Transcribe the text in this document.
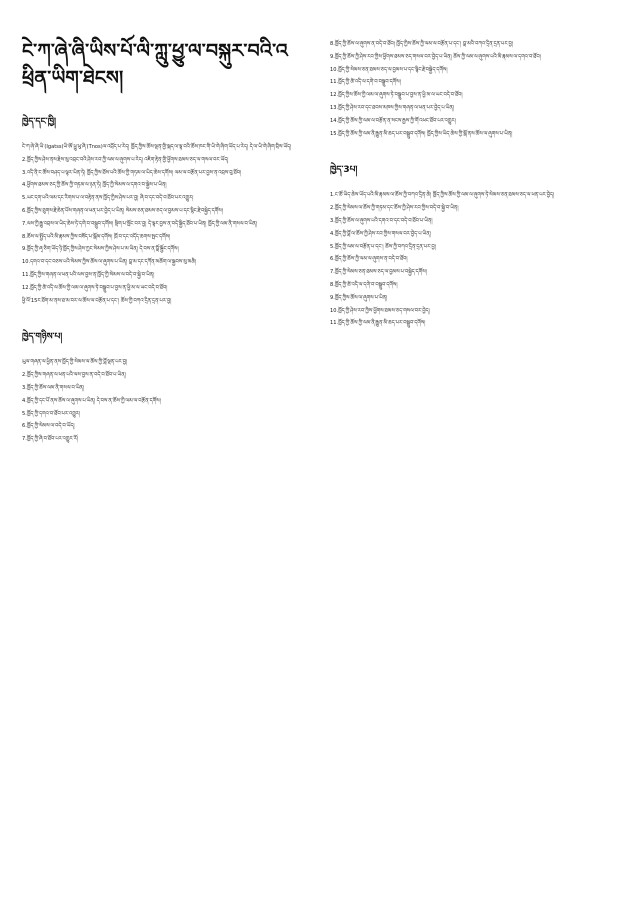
ངེ་ཀ་ཞེ་ཞི་ཡིས་པོ་ལི་ཀླུ་ཕྱུ་ལ་བསྐུར་བའི་འཕྲིན་ཡིག་ཐེངས།
ཁྱེད་དང་ཁྱི།

ངེ་ཀ་ཞེ་ཞི་ཡི་(Igatss)ཡི་ཨོ་ཕྱུ་ཕུ་ཞི་(Tnos)ལ་འབྲོད་པ་རེད། ཁྱོད་ཀྱིས་ཆོས་ལྡན་གྱི་སྐད་ལ་ལྟ་བའི་ཆོས་ཁང་གི་ཡི་གེ་ཞིག་ཡོད་པ་རེད། དེ་ལ་ཡི་གེ་ཞིག་བྲིས་ཡོད།

2.ཁྱོད་ཀྱིས་ཤེས་ནས་རྗེས་སུ་འབྲང་བའི་ཤེས་རབ་ཀྱི་ལམ་ལ་ཞུགས་པ་རེད། འཇིག་རྟེན་གྱི་ཕྱོགས་ཐམས་ཅད་ལ་གསལ་བར་ཡོད།

3.འདི་ནི་ང་ཚོས་བཤད་པ་ལྟར་ཡིན་ཏེ། ཁྱོད་ཀྱིས་ཐོས་པའི་ཆོས་ཀྱི་གཏམ་ལ་ཡིད་ཆེས་དགོས། ལམ་ལ་བརྩོན་པར་བྱས་ན་འབྲས་བུ་ཐོབ།

4.ཕྱོགས་ཐམས་ཅད་ཀྱི་ཆོས་ཀྱི་གཏམ་ལ་ཉན་ཏེ། ཁྱོད་ཀྱི་སེམས་ལ་དགའ་བ་སྐྱེས་པ་ཡིན།

5.ཡང་དག་པའི་ལམ་དང་རིགས་པ་ལ་བརྟེན་ནས་ཁྱོད་ཀྱིས་ཤེས་པར་བྱ། ཞི་བ་དང་བདེ་བ་ཐོབ་པར་འགྱུར།

6.ཁྱོད་ཀྱིས་ཐུགས་རྗེ་ཆེན་པོས་གཞན་ལ་ཕན་པར་བྱེད་པ་ཡིན། སེམས་ཅན་ཐམས་ཅད་ལ་བྱམས་པ་དང་སྙིང་རྗེ་བསྐྱེད་དགོས།

7.ལས་ཀྱི་རྒྱུ་འབྲས་ལ་ཡིད་ཆེས་ཏེ་དགེ་བ་བསྒྲུབ་དགོས། སྡིག་པ་སྤོང་བར་བྱ། དེ་ལྟར་བྱས་ན་བདེ་སྐྱིད་ཐོབ་པ་ཡིན། ཁྱོད་ཀྱི་ལམ་ནི་གསལ་བ་ཡིན།

8.ཆོས་ལ་སྤྱོད་པའི་མི་རྣམས་ཀྱིས་བཟོད་པ་སྒོམ་དགོས། ཁྲོ་བ་དང་འདོད་ཆགས་སྤང་དགོས།

9.ཁྱོད་ཀྱི་ཞྭ་ཅིག་ཡོད་ཉི་ཁྱོད་ཀྱིས་ཤེས་ཀྱང་སེམས་ཀྱིས་ཤེས་པ་མ་ཡིན། དེ་བས་ན་བློ་སྦྱོང་དགོས།

10.དགའ་བ་དང་བཅས་པའི་སེམས་ཀྱིས་ཆོས་ལ་ཞུགས་པ་ཡིན། བླ་མ་དང་དཀོན་མཆོག་ལ་སྐྱབས་སུ་མཆི།

11.ཁྱོད་ཀྱིས་གཞན་ལ་ཕན་པའི་ལས་བྱས་ན་ཁྱོད་ཀྱི་སེམས་ལ་བདེ་བ་སྐྱེ་བ་ཡིན།

12.ཁྱོད་ཀྱི་ཚེ་འདི་ལ་ཆོས་ཀྱི་ལམ་ལ་ཞུགས་ཏེ་བསྒྲུབ་པ་བྱས་ན་ཕྱི་མ་ལ་ཡང་བདེ་བ་ཐོབ།

ཕྱི་ལོ་15ར་ཐོག་མ་ནས་ཐ་མ་བར་ལ་ཆོས་ལ་བརྩོན་པ་དང་། ཆོས་ཀྱི་བཀའ་དྲིན་དྲན་པར་བྱ།

ཁྱེད་གཉིས་པ།

ཡུལ་གཞན་ལ་ཕྱིན་ནས་ཁྱོད་ཀྱི་སེམས་ལ་ཆོས་ཀྱི་བློ་ལྡན་པར་བྱ།

2.ཁྱོད་ཀྱིས་གཞན་ལ་ཕན་པའི་ལས་བྱས་ན་བདེ་བ་ཐོབ་པ་ཡིན།

3.ཁྱོད་ཀྱི་ཆོས་ལམ་ནི་གསལ་བ་ཡིན།

4.ཁྱོད་ཀྱི་དང་པོ་ནས་ཆོས་ལ་ཞུགས་པ་ཡིན། དེ་བས་ན་ཆོས་ཀྱི་ལམ་ལ་བརྩོན་དགོས།

5.ཁྱོད་ཀྱི་དགའ་བ་ཐོབ་པར་འགྱུར།

6.ཁྱོད་ཀྱི་སེམས་ལ་བདེ་བ་ཡོད།

7.ཁྱོད་ཀྱི་ཞི་བ་ཐོབ་པར་འགྱུར་རོ།

8.ཁྱོད་ཀྱི་ཆོས་ལ་ཞུགས་ན་བདེ་བ་ཐོབ། ཁྱོད་ཀྱིས་ཆོས་ཀྱི་ལམ་ལ་བརྩོན་པ་དང་། བླ་མའི་བཀའ་དྲིན་དྲན་པར་བྱ།

9.ཁྱོད་ཀྱི་ཆོས་ཀྱི་ཤེས་རབ་ཀྱིས་ཕྱོགས་ཐམས་ཅད་གསལ་བར་བྱེད་པ་ཡིན། ཆོས་ཀྱི་ལམ་ལ་ཞུགས་པའི་མི་རྣམས་ལ་དགའ་བ་ཐོབ།

10.ཁྱོད་ཀྱི་སེམས་ཅན་ཐམས་ཅད་ལ་བྱམས་པ་དང་སྙིང་རྗེ་བསྐྱེད་དགོས།

11.ཁྱོད་ཀྱི་ཚེ་འདི་ལ་དགེ་བ་བསྒྲུབ་དགོས།

12.ཁྱོད་ཀྱིས་ཆོས་ཀྱི་ལམ་ལ་ཞུགས་ཏེ་བསྒྲུབ་པ་བྱས་ན་ཕྱི་མ་ལ་ཡང་བདེ་བ་ཐོབ།

13.ཁྱོད་ཀྱི་ཤེས་རབ་དང་ཐབས་མཁས་ཀྱིས་གཞན་ལ་ཕན་པར་བྱེད་པ་ཡིན།

14.ཁྱོད་ཀྱི་ཆོས་ཀྱི་ལམ་ལ་བརྩོན་ན་སངས་རྒྱས་ཀྱི་གོ་འཕང་ཐོབ་པར་འགྱུར།

15.ཁྱོད་ཀྱི་ཆོས་ཀྱི་ལམ་ནི་རྒྱུན་མི་ཆད་པར་བསྒྲུབ་དགོས། ཁྱོད་ཀྱིས་ཡིད་ཆེས་ཀྱི་སྒོ་ནས་ཆོས་ལ་ཞུགས་པ་ཡིན།

ཁྱེད་3པ།

1.ང་ཚོ་ཡིད་ཆེས་ཡོད་པའི་མི་རྣམས་ལ་ཆོས་ཀྱི་བཀའ་དྲིན་ཆེ། ཁྱོད་ཀྱིས་ཆོས་ཀྱི་ལམ་ལ་ཞུགས་ཏེ་སེམས་ཅན་ཐམས་ཅད་ལ་ཕན་པར་བྱེད།

2.ཁྱོད་ཀྱི་སེམས་ལ་ཆོས་ཀྱི་གཏམ་དང་ཆོས་ཀྱི་ཤེས་རབ་ཀྱིས་བདེ་བ་སྐྱེ་བ་ཡིན།

3.ཁྱོད་ཀྱི་ཆོས་ལ་ཞུགས་པའི་དགའ་བ་དང་བདེ་བ་ཐོབ་པ་ཡིན།

4.ཁྱོད་ཀྱི་བློ་ལ་ཆོས་ཀྱི་ཤེས་རབ་ཀྱིས་གསལ་བར་བྱེད་པ་ཡིན།

5.ཁྱོད་ཀྱི་ལམ་ལ་བརྩོན་པ་དང་། ཆོས་ཀྱི་བཀའ་དྲིན་དྲན་པར་བྱ།

6.ཁྱོད་ཀྱི་ཆོས་ཀྱི་ལམ་ལ་ཞུགས་ན་བདེ་བ་ཐོབ།

7.ཁྱོད་ཀྱི་སེམས་ཅན་ཐམས་ཅད་ལ་བྱམས་པ་བསྐྱེད་དགོས།

8.ཁྱོད་ཀྱི་ཚེ་འདི་ལ་དགེ་བ་བསྒྲུབ་དགོས།

9.ཁྱོད་ཀྱིས་ཆོས་ལ་ཞུགས་པ་ཡིན།

10.ཁྱོད་ཀྱི་ཤེས་རབ་ཀྱིས་ཕྱོགས་ཐམས་ཅད་གསལ་བར་བྱེད།

11.ཁྱོད་ཀྱི་ཆོས་ཀྱི་ལམ་ནི་རྒྱུན་མི་ཆད་པར་བསྒྲུབ་དགོས།
